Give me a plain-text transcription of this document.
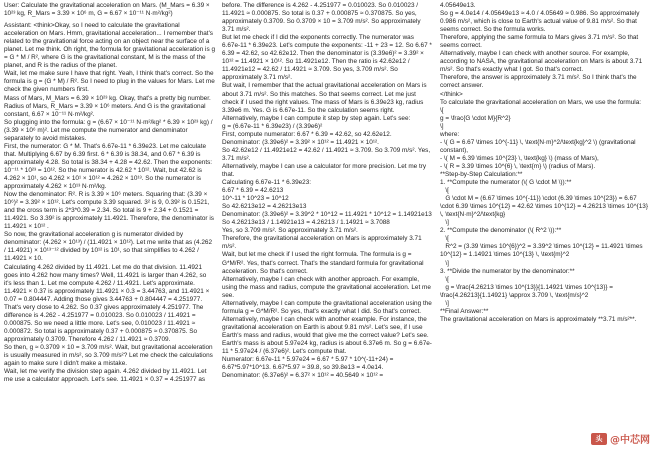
User: Calculate the gravitational acceleration on Mars. (M_Mars = 6.39 × 10²³ kg, R_Mars = 3.39 × 10⁶ m, G = 6.67 × 10⁻¹¹ N·m²/kg²)
Assistant: <think>Okay, so I need to calculate the gravitational acceleration on Mars. Hmm, gravitational acceleration... I remember that's related to the gravitational force acting on an object near the surface of a planet. Let me think. Oh right, the formula for gravitational acceleration is g = G * M / R², where G is the gravitational constant, M is the mass of the planet, and R is the radius of the planet.
Wait, let me make sure I have that right. Yeah, I think that's correct. So the formula is g = (G * M) / R². So I need to plug in the values for Mars. Let me check the given numbers first.
Mass of Mars, M_Mars = 6.39 × 10²³ kg. Okay, that's a pretty big number. Radius of Mars, R_Mars = 3.39 × 10⁶ meters. And G is the gravitational constant, 6.67 × 10⁻¹¹ N·m²/kg².
So plugging into the formula: g = (6.67 × 10⁻¹¹ N·m²/kg² * 6.39 × 10²³ kg) / (3.39 × 10⁶ m)². Let me compute the numerator and denominator separately to avoid mistakes.
First, the numerator: G * M. That's 6.67e-11 * 6.39e23. Let me calculate that. Multiplying 6.67 by 6.39 first. 6 * 6.39 is 38.34, and 0.67 * 6.39 is approximately 4.28. So total is 38.34 + 4.28 = 42.62. Then the exponents: 10⁻¹¹ * 10²³ = 10¹². So the numerator is 42.62 * 10¹². Wait, but 42.62 is 4.262 × 10¹, so 4.262 × 10¹ × 10¹² = 4.262 × 10¹³. So the numerator is approximately 4.262 × 10¹³ N·m²/kg.
Now the denominator: R². R is 3.39 × 10⁶ meters. Squaring that: (3.39 × 10⁶)² = 3.39² × 10¹². Let's compute 3.39 squared. 3² is 9, 0.39² is 0.1521, and the cross term is 2*3*0.39 = 2.34. So total is 9 + 2.34 + 0.1521 = 11.4921. So 3.39² is approximately 11.4921. Therefore, the denominator is 11.4921 × 10¹² .
So now, the gravitational acceleration g is numerator divided by denominator: (4.262 × 10¹³) / (11.4921 × 10¹²). Let me write that as (4.262 / 11.4921) × 10¹³⁻¹² divided by 10¹² is 10¹, so that simplifies to 4.262 / 11.4921 × 10.
Calculating 4.262 divided by 11.4921. Let me do that division. 11.4921 goes into 4.262 how many times? Well, 11.4921 is larger than 4.262, so it's less than 1. Let me compute 4.262 / 11.4921. Let's approximate. 11.4921 × 0.37 is approximately 11.4921 × 0.3 = 3.44763, and 11.4921 × 0.07 = 0.804447. Adding those gives 3.44763 + 0.804447 = 4.251977. That's very close to 4.262. So 0.37 gives approximately 4.251977. The difference is 4.262 - 4.251977 = 0.010023. So 0.010023 / 11.4921 = 0.000875. So we need a little more. Let's see, 0.010023 / 11.4921 ≈ 0.000872. So total is approximately 0.37 + 0.000875 ≈ 0.370875. So approximately 0.3709. Therefore 4.262 / 11.4921 ≈ 0.3709.
So then, g ≈ 0.3709 × 10 = 3.709 m/s². Wait, but gravitational acceleration is usually measured in m/s², so 3.709 m/s²? Let me check the calculations again to make sure I didn't make a mistake.
Wait, let me verify the division step again. 4.262 divided by 11.4921. Let me use a calculator approach. Let's see. 11.4921 × 0.37 = 4.251977 as
before. The difference is 4.262 - 4.251977 = 0.010023. So 0.010023 / 11.4921 ≈ 0.000875. So total is 0.37 + 0.000875 ≈ 0.370875. So yes, approximately 0.3709. So 0.3709 × 10 = 3.709 m/s². So approximately 3.71 m/s².
But let me check if I did the exponents correctly. The numerator was 6.67e-11 * 6.39e23. Let's compute the exponents: -11 + 23 = 12. So 6.67 * 6.39 = 42.62, so 42.62e12. Then the denominator is (3.39e6)² = 3.39² × 10¹² = 11.4921 × 10¹². So 11.4921e12. Then the ratio is 42.62e12 / 11.4921e12 = 42.62 / 11.4921 ≈ 3.709. So yes, 3.709 m/s². So approximately 3.71 m/s².
But wait, I remember that the actual gravitational acceleration on Mars is about 3.71 m/s². So this matches. So that seems correct. Let me just check if I used the right values. The mass of Mars is 6.39e23 kg, radius 3.39e6 m. Yes. G is 6.67e-11. So the calculation seems right.
Alternatively, maybe I can compute it step by step again. Let's see:
g = (6.67e-11 * 6.39e23) / (3.39e6)²
First, compute numerator: 6.67 * 6.39 = 42.62, so 42.62e12.
Denominator: (3.39e6)² = 3.39² × 10¹² = 11.4921 × 10¹².
So 42.62e12 / 11.4921e12 = 42.62 / 11.4921 ≈ 3.709. So 3.709 m/s². Yes, 3.71 m/s².
Alternatively, maybe I can use a calculator for more precision. Let me try that.
Calculating 6.67e-11 * 6.39e23:
6.67 * 6.39 = 42.6213
10^-11 * 10^23 = 10^12
So 42.6213e12 = 4.26213e13
Denominator: (3.39e6)² = 3.39^2 * 10^12 = 11.4921 * 10^12 = 1.14921e13
So 4.26213e13 / 1.14921e13 = 4.26213 / 1.14921 ≈ 3.7088
Yes, so 3.709 m/s². So approximately 3.71 m/s².
Therefore, the gravitational acceleration on Mars is approximately 3.71 m/s².
Wait, but let me check if I used the right formula. The formula is g = G*M/R². Yes, that's correct. That's the standard formula for gravitational acceleration. So that's correct.
Alternatively, maybe I can check with another approach. For example, using the mass and radius, compute the gravitational acceleration. Let me see.
Alternatively, maybe I can compute the gravitational acceleration using the formula g = G*M/R². So yes, that's exactly what I did. So that's correct.
Alternatively, maybe I can check with another example. For instance, the gravitational acceleration on Earth is about 9.81 m/s². Let's see, if I use Earth's mass and radius, would that give me the correct value? Let's see. Earth's mass is about 5.97e24 kg, radius is about 6.37e6 m. So g = 6.67e-11 * 5.97e24 / (6.37e6)². Let's compute that.
Numerator: 6.67e-11 * 5.97e24 = 6.67 * 5.97 * 10^(-11+24) = 6.67*5.97*10^13. 6.67*5.97 ≈ 39.8, so 39.8e13 = 4.0e14.
Denominator: (6.37e6)² = 6.37² × 10¹² = 40.5649 × 10¹² =
4.05649e13.
So g = 4.0e14 / 4.05649e13 ≈ 4.0 / 4.05649 ≈ 0.986. So approximately 0.986 m/s², which is close to Earth's actual value of 9.81 m/s². So that seems correct. So the formula works.
Therefore, applying the same formula to Mars gives 3.71 m/s². So that seems correct.
Alternatively, maybe I can check with another source. For example, according to NASA, the gravitational acceleration on Mars is about 3.71 m/s². So that's exactly what I got. So that's correct.
Therefore, the answer is approximately 3.71 m/s². So I think that's the correct answer.
</think>
To calculate the gravitational acceleration on Mars, we use the formula:
\[
g = \frac{G \cdot M}{R^2}
\]
where:
- \( G = 6.67 \times 10^{-11} \, \text{N·m}^2/\text{kg}^2 \) (gravitational constant),
- \( M = 6.39 \times 10^{23} \, \text{kg} \) (mass of Mars),
- \( R = 3.39 \times 10^{6} \, \text{m} \) (radius of Mars).
**Step-by-Step Calculation:**
1. **Compute the numerator (\( G \cdot M \)):**
\[
G \cdot M = (6.67 \times 10^{-11}) \cdot (6.39 \times 10^{23}) = 6.67 \cdot 6.39 \times 10^{12} = 42.62 \times 10^{12} = 4.26213 \times 10^{13} \, \text{N·m}^2/\text{kg}
\]
2. **Compute the denominator (\( R^2 \)):**
\[
R^2 = (3.39 \times 10^{6})^2 = 3.39^2 \times 10^{12} = 11.4921 \times 10^{12} = 1.14921 \times 10^{13} \, \text{m}^2
\]
3. **Divide the numerator by the denominator:**
\[
g = \frac{4.26213 \times 10^{13}}{1.14921 \times 10^{13}} = \frac{4.26213}{1.14921} \approx 3.709 \, \text{m/s}^2
\]
**Final Answer:**
The gravitational acceleration on Mars is approximately **3.71 m/s²**.
头 @中芯网
